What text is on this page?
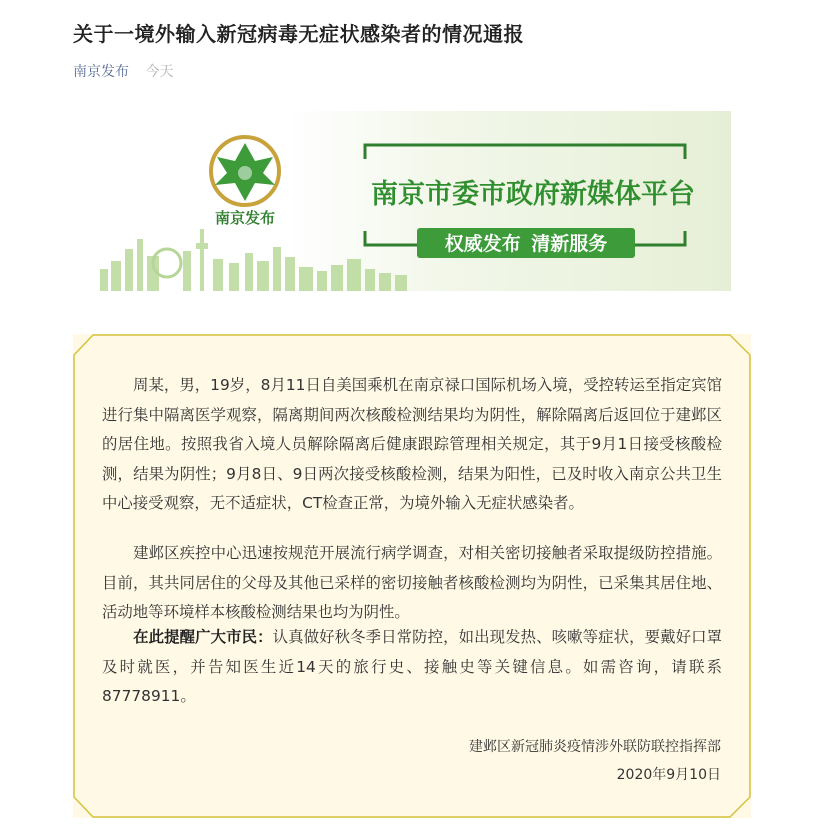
关于一境外输入新冠病毒无症状感染者的情况通报
南京发布 今天
南京发布
南京市委市政府新媒体平台
权威发布  清新服务

周某，男，19岁，8月11日自美国乘机在南京禄口国际机场入境，受控转运至指定宾馆进行集中隔离医学观察，隔离期间两次核酸检测结果均为阴性，解除隔离后返回位于建邺区的居住地。按照我省入境人员解除隔离后健康跟踪管理相关规定，其于9月1日接受核酸检测，结果为阴性；9月8日、9日两次接受核酸检测，结果为阳性，已及时收入南京公共卫生中心接受观察，无不适症状，CT检查正常，为境外输入无症状感染者。

建邺区疾控中心迅速按规范开展流行病学调查，对相关密切接触者采取提级防控措施。目前，其共同居住的父母及其他已采样的密切接触者核酸检测均为阴性，已采集其居住地、活动地等环境样本核酸检测结果也均为阴性。

在此提醒广大市民：认真做好秋冬季日常防控，如出现发热、咳嗽等症状，要戴好口罩及时就医，并告知医生近14天的旅行史、接触史等关键信息。如需咨询，请联系87778911。

建邺区新冠肺炎疫情涉外联防联控指挥部
2020年9月10日
